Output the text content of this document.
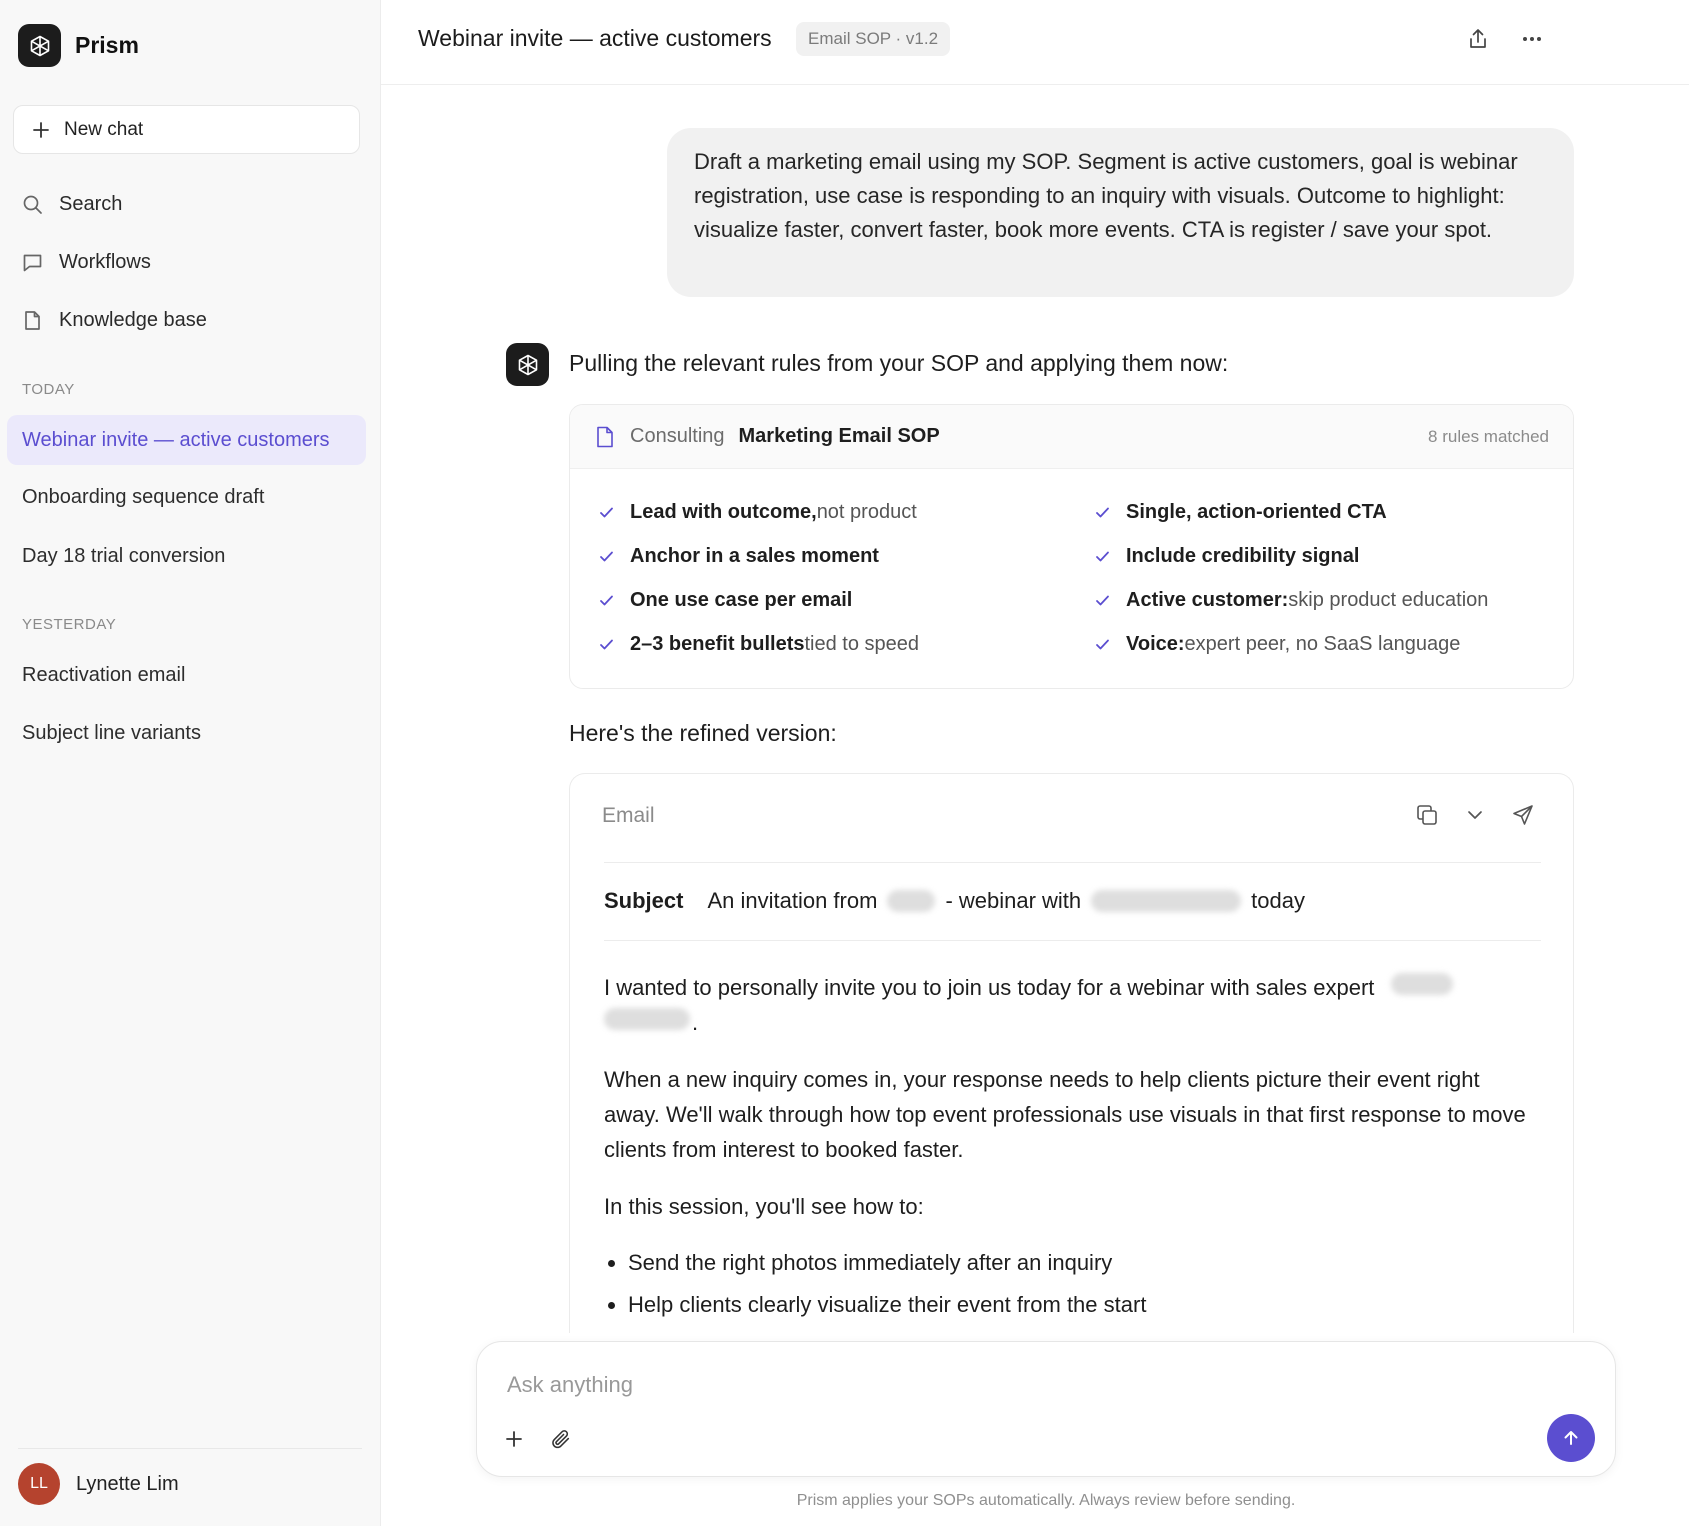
Prism
New chat
Search
Workflows
Knowledge base
TODAY
Webinar invite — active customers
Onboarding sequence draft
Day 18 trial conversion
YESTERDAY
Reactivation email
Subject line variants
LL	Lynette Lim
Webinar invite — active customers	Email SOP · v1.2
Draft a marketing email using my SOP. Segment is active customers, goal is webinar registration, use case is responding to an inquiry with visuals. Outcome to highlight: visualize faster, convert faster, book more events. CTA is register / save your spot.
Pulling the relevant rules from your SOP and applying them now:
Consulting Marketing Email SOP	8 rules matched
Lead with outcome, not product	Single, action-oriented CTA
Anchor in a sales moment	Include credibility signal
One use case per email	Active customer: skip product education
2–3 benefit bullets tied to speed	Voice: expert peer, no SaaS language
Here's the refined version:
Email
Subject An invitation from	- webinar with	today

I wanted to personally invite you to join us today for a webinar with sales expert
.

When a new inquiry comes in, your response needs to help clients picture their event right away. We'll walk through how top event professionals use visuals in that first response to move clients from interest to booked faster.

In this session, you'll see how to:

• Send the right photos immediately after an inquiry
• Help clients clearly visualize their event from the start
Ask anything
Prism applies your SOPs automatically. Always review before sending.
